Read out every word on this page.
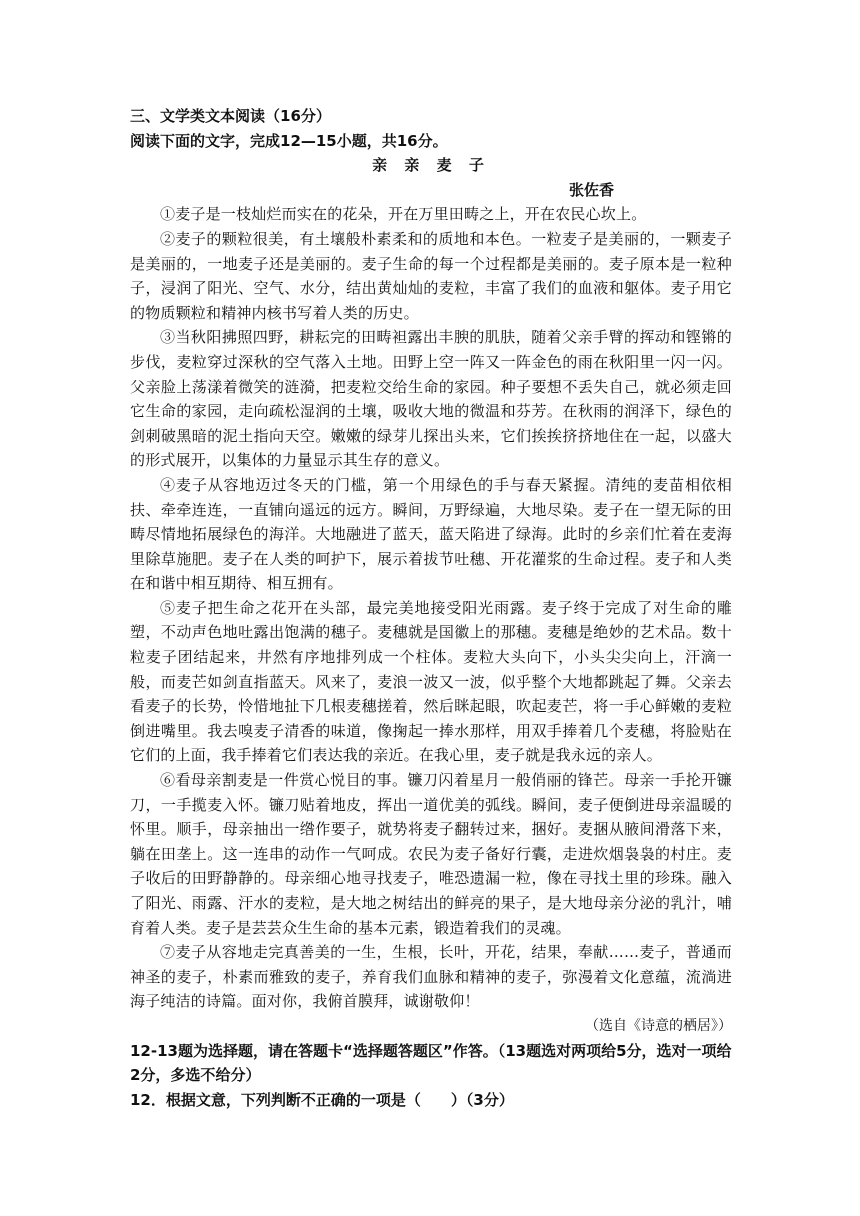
三、文学类文本阅读（16分）
阅读下面的文字，完成12—15小题，共16分。
亲 亲 麦 子
张佐香
①麦子是一枝灿烂而实在的花朵，开在万里田畴之上，开在农民心坎上。
②麦子的颗粒很美，有土壤般朴素柔和的质地和本色。一粒麦子是美丽的，一颗麦子是美丽的，一地麦子还是美丽的。麦子生命的每一个过程都是美丽的。麦子原本是一粒种子，浸润了阳光、空气、水分，结出黄灿灿的麦粒，丰富了我们的血液和躯体。麦子用它的物质颗粒和精神内核书写着人类的历史。
③当秋阳拂照四野，耕耘完的田畴袒露出丰腴的肌肤，随着父亲手臂的挥动和铿锵的步伐，麦粒穿过深秋的空气落入土地。田野上空一阵又一阵金色的雨在秋阳里一闪一闪。父亲脸上荡漾着微笑的涟漪，把麦粒交给生命的家园。种子要想不丢失自己，就必须走回它生命的家园，走向疏松湿润的土壤，吸收大地的微温和芬芳。在秋雨的润泽下，绿色的剑刺破黑暗的泥土指向天空。嫩嫩的绿芽儿探出头来，它们挨挨挤挤地住在一起，以盛大的形式展开，以集体的力量显示其生存的意义。
④麦子从容地迈过冬天的门槛，第一个用绿色的手与春天紧握。清纯的麦苗相依相扶、牵牵连连，一直铺向遥远的远方。瞬间，万野绿遍，大地尽染。麦子在一望无际的田畴尽情地拓展绿色的海洋。大地融进了蓝天，蓝天陷进了绿海。此时的乡亲们忙着在麦海里除草施肥。麦子在人类的呵护下，展示着拔节吐穗、开花灌浆的生命过程。麦子和人类在和谐中相互期待、相互拥有。
⑤麦子把生命之花开在头部，最完美地接受阳光雨露。麦子终于完成了对生命的雕塑，不动声色地吐露出饱满的穗子。麦穗就是国徽上的那穗。麦穗是绝妙的艺术品。数十粒麦子团结起来，井然有序地排列成一个柱体。麦粒大头向下，小头尖尖向上，汗滴一般，而麦芒如剑直指蓝天。风来了，麦浪一波又一波，似乎整个大地都跳起了舞。父亲去看麦子的长势，怜惜地扯下几根麦穗搓着，然后眯起眼，吹起麦芒，将一手心鲜嫩的麦粒倒进嘴里。我去嗅麦子清香的味道，像掬起一捧水那样，用双手捧着几个麦穗，将脸贴在它们的上面，我手捧着它们表达我的亲近。在我心里，麦子就是我永远的亲人。
⑥看母亲割麦是一件赏心悦目的事。镰刀闪着星月一般俏丽的锋芒。母亲一手抡开镰刀，一手揽麦入怀。镰刀贴着地皮，挥出一道优美的弧线。瞬间，麦子便倒进母亲温暖的怀里。顺手，母亲抽出一绺作要子，就势将麦子翻转过来，捆好。麦捆从腋间滑落下来，躺在田垄上。这一连串的动作一气呵成。农民为麦子备好行囊，走进炊烟袅袅的村庄。麦子收后的田野静静的。母亲细心地寻找麦子，唯恐遗漏一粒，像在寻找土里的珍珠。融入了阳光、雨露、汗水的麦粒，是大地之树结出的鲜亮的果子，是大地母亲分泌的乳汁，哺育着人类。麦子是芸芸众生生命的基本元素，锻造着我们的灵魂。
⑦麦子从容地走完真善美的一生，生根，长叶，开花，结果，奉献……麦子，普通而神圣的麦子，朴素而雅致的麦子，养育我们血脉和精神的麦子，弥漫着文化意蕴，流淌进海子纯洁的诗篇。面对你，我俯首膜拜，诚谢敬仰！
（选自《诗意的栖居》）
12-13题为选择题，请在答题卡“选择题答题区”作答。（13题选对两项给5分，选对一项给2分，多选不给分）
12．根据文意，下列判断不正确的一项是（　　）（3分）
